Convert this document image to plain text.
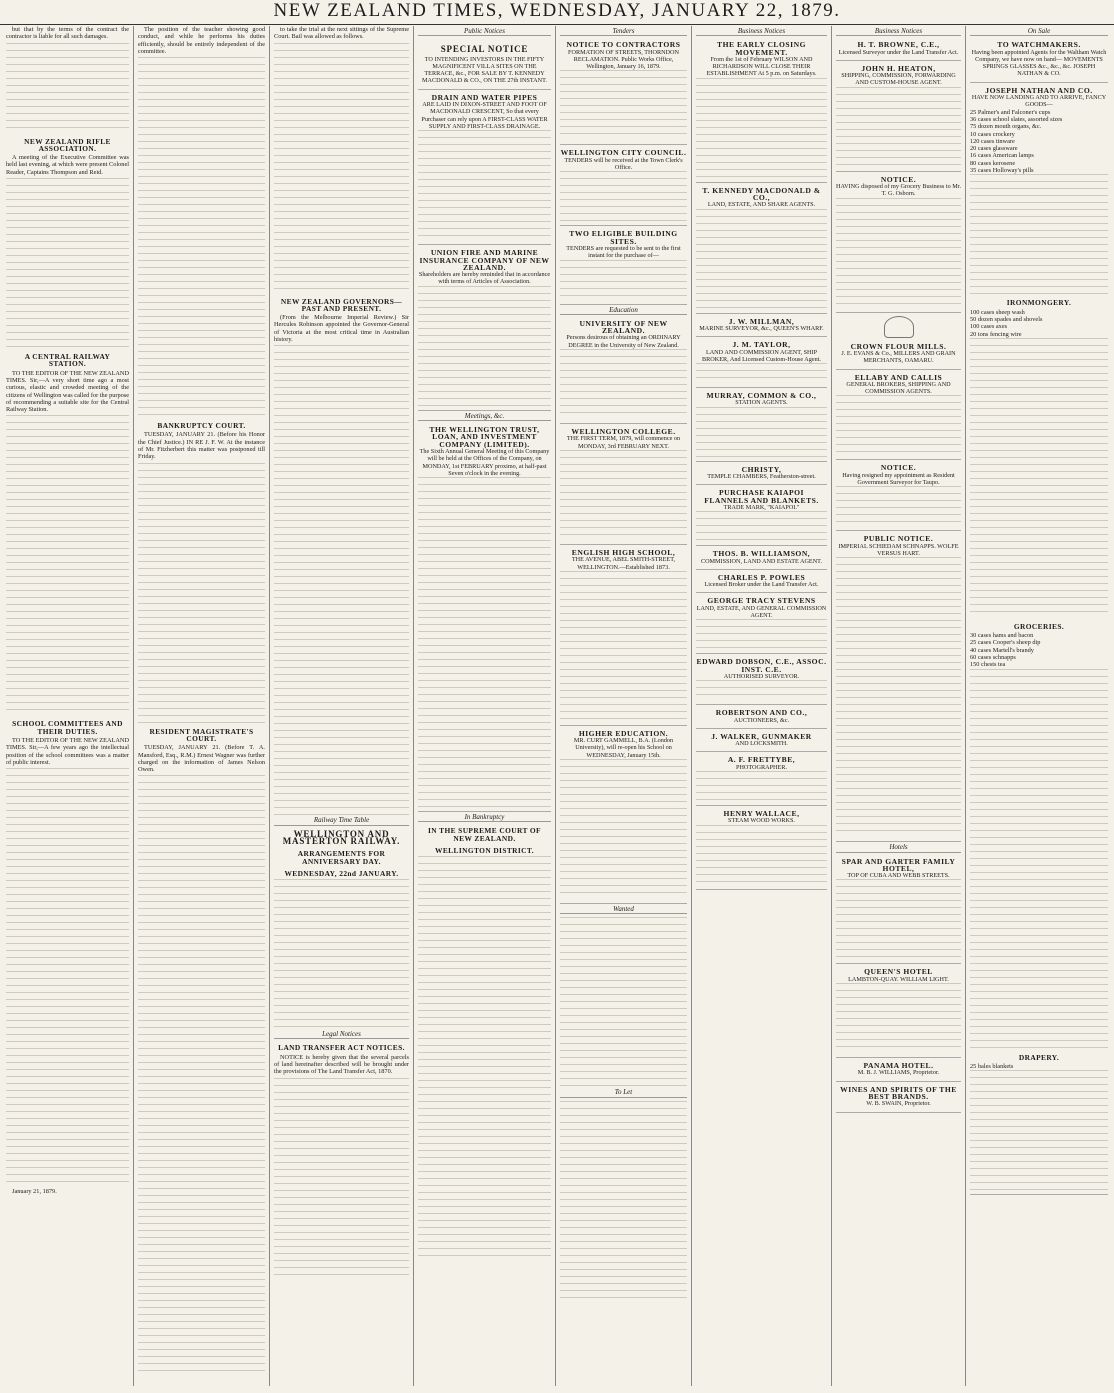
NEW ZEALAND TIMES, WEDNESDAY, JANUARY 22, 1879.

but that by the terms of the contract the contractor is liable for all such damages.

NEW ZEALAND RIFLE ASSOCIATION.

A meeting of the Executive Committee was held last evening, at which were present Colonel Reader, Captains Thompson and Reid.

A CENTRAL RAILWAY STATION.

TO THE EDITOR OF THE NEW ZEALAND TIMES. Sir,—A very short time ago a most curious, elastic and crowded meeting of the citizens of Wellington was called for the purpose of recommending a suitable site for the Central Railway Station.

SCHOOL COMMITTEES AND THEIR DUTIES.

TO THE EDITOR OF THE NEW ZEALAND TIMES. Sir,—A few years ago the intellectual position of the school committees was a matter of public interest.

January 21, 1879.

The position of the teacher showing good conduct, and while he performs his duties efficiently, should be entirely independent of the committee.

BANKRUPTCY COURT.

TUESDAY, JANUARY 21. (Before his Honor the Chief Justice.) IN RE J. F. W. At the instance of Mr. Fitzherbert this matter was postponed till Friday.

RESIDENT MAGISTRATE'S COURT.

TUESDAY, JANUARY 21. (Before T. A. Mansford, Esq., R.M.) Ernest Wagner was further charged on the information of James Nelson Owen.

to take the trial at the next sittings of the Supreme Court. Bail was allowed as follows.

NEW ZEALAND GOVERNORS—PAST AND PRESENT.

(From the Melbourne Imperial Review.) Sir Hercules Robinson appointed the Governor-General of Victoria at the most critical time in Australian history.

Railway Time Table
WELLINGTON AND MASTERTON RAILWAY.
ARRANGEMENTS FOR ANNIVERSARY DAY.
WEDNESDAY, 22nd JANUARY.
Legal Notices
LAND TRANSFER ACT NOTICES.

NOTICE is hereby given that the several parcels of land hereinafter described will be brought under the provisions of The Land Transfer Act, 1870.

Public Notices
SPECIAL NOTICE
TO INTENDING INVESTORS IN THE FIFTY MAGNIFICENT VILLA SITES ON THE TERRACE, &c., FOR SALE BY T. KENNEDY MACDONALD & CO., ON THE 27th INSTANT.
DRAIN AND WATER PIPES
ARE LAID IN DIXON-STREET AND FOOT OF MACDONALD CRESCENT, So that every Purchaser can rely upon A FIRST-CLASS WATER SUPPLY AND FIRST-CLASS DRAINAGE.
UNION FIRE AND MARINE INSURANCE COMPANY OF NEW ZEALAND.
Shareholders are hereby reminded that in accordance with terms of Articles of Association.
Meetings, &c.
THE WELLINGTON TRUST, LOAN, AND INVESTMENT COMPANY (LIMITED).
The Sixth Annual General Meeting of this Company will be held at the Offices of the Company, on MONDAY, 1st FEBRUARY proximo, at half-past Seven o'clock in the evening.
In Bankruptcy
IN THE SUPREME COURT OF NEW ZEALAND.
WELLINGTON DISTRICT.
Tenders
NOTICE TO CONTRACTORS
FORMATION OF STREETS, THORNDON RECLAMATION. Public Works Office, Wellington, January 16, 1879.
WELLINGTON CITY COUNCIL.
TENDERS will be received at the Town Clerk's Office.
TWO ELIGIBLE BUILDING SITES.
TENDERS are requested to be sent to the first instant for the purchase of—
Education
UNIVERSITY OF NEW ZEALAND.
Persons desirous of obtaining an ORDINARY DEGREE in the University of New Zealand.
WELLINGTON COLLEGE.
THE FIRST TERM, 1879, will commence on MONDAY, 3rd FEBRUARY NEXT.
ENGLISH HIGH SCHOOL,
THE AVENUE, ABEL SMITH-STREET, WELLINGTON.—Established 1873.
HIGHER EDUCATION.
MR. CURT GAMMELL, B.A. (London University), will re-open his School on WEDNESDAY, January 15th.
Wanted
To Let
Business Notices
THE EARLY CLOSING MOVEMENT.
From the 1st of February WILSON AND RICHARDSON WILL CLOSE THEIR ESTABLISHMENT At 5 p.m. on Saturdays.
T. KENNEDY MACDONALD & CO.,
LAND, ESTATE, AND SHARE AGENTS.
J. W. MILLMAN,
MARINE SURVEYOR, &c., QUEEN'S WHARF.
J. M. TAYLOR,
LAND AND COMMISSION AGENT, SHIP BROKER, And Licensed Custom-House Agent.
MURRAY, COMMON & CO.,
STATION AGENTS.
CHRISTY,
TEMPLE CHAMBERS, Featherston-street.
PURCHASE KAIAPOI FLANNELS AND BLANKETS.
TRADE MARK, "KAIAPOI."
THOS. B. WILLIAMSON,
COMMISSION, LAND AND ESTATE AGENT.
CHARLES P. POWLES
Licensed Broker under the Land Transfer Act.
GEORGE TRACY STEVENS
LAND, ESTATE, AND GENERAL COMMISSION AGENT.
EDWARD DOBSON, C.E., ASSOC. INST. C.E.
AUTHORISED SURVEYOR.
ROBERTSON AND CO.,
AUCTIONEERS, &c.
J. WALKER, GUNMAKER
AND LOCKSMITH.
A. F. FRETTYBE,
PHOTOGRAPHER.
HENRY WALLACE,
STEAM WOOD WORKS.
Business Notices
H. T. BROWNE, C.E.,
Licensed Surveyor under the Land Transfer Act.
JOHN H. HEATON,
SHIPPING, COMMISSION, FORWARDING AND CUSTOM-HOUSE AGENT.
NOTICE.
HAVING disposed of my Grocery Business to Mr. T. G. Osborn.
CROWN FLOUR MILLS.
J. E. EVANS & Co., MILLERS AND GRAIN MERCHANTS, OAMARU.
ELLABY AND CALLIS
GENERAL BROKERS, SHIPPING AND COMMISSION AGENTS.
NOTICE.
Having resigned my appointment as Resident Government Surveyor for Taupo.
PUBLIC NOTICE.
IMPERIAL SCHIEDAM SCHNAPPS. WOLFE VERSUS HART.
Hotels
SPAR AND GARTER FAMILY HOTEL,
TOP OF CUBA AND WEBB STREETS.
QUEEN'S HOTEL
LAMBTON-QUAY. WILLIAM LIGHT.
PANAMA HOTEL.
M. B. J. WILLIAMS, Proprietor.
WINES AND SPIRITS OF THE BEST BRANDS.
W. B. SWAIN, Proprietor.
On Sale
TO WATCHMAKERS.
Having been appointed Agents for the Waltham Watch Company, we have now on hand— MOVEMENTS SPRINGS GLASSES &c., &c., &c. JOSEPH NATHAN & CO.
JOSEPH NATHAN AND CO.
HAVE NOW LANDING AND TO ARRIVE, FANCY GOODS—
25 Palmer's and Falconer's cups
36 cases school slates, assorted sizes
75 dozen mouth organs, &c.
10 cases crockery
120 cases tinware
20 cases glassware
16 cases American lamps
80 cases kerosene
35 cases Holloway's pills
IRONMONGERY.
100 cases sheep wash
50 dozen spades and shovels
100 cases axes
20 tons fencing wire
GROCERIES.
30 cases hams and bacon
25 cases Cooper's sheep dip
40 cases Martell's brandy
60 cases schnapps
150 chests tea
DRAPERY.
25 bales blankets
